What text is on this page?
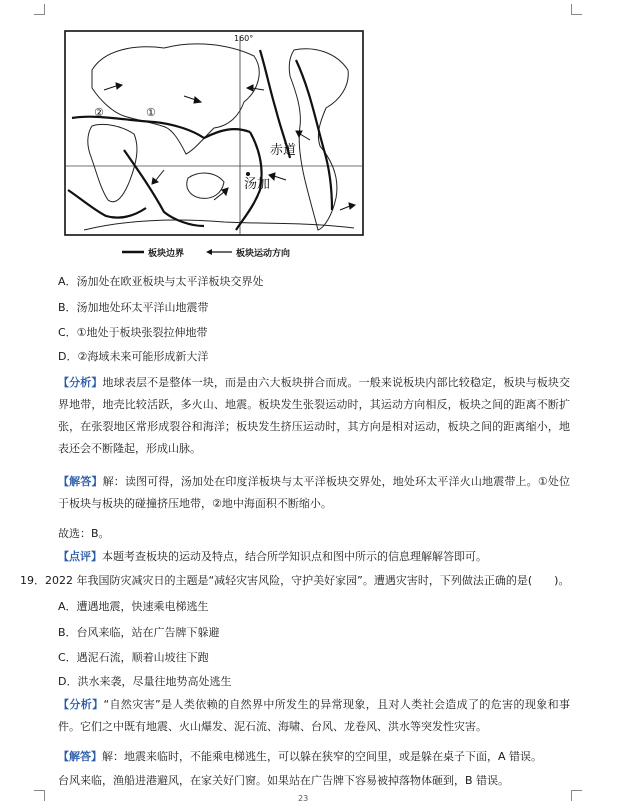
160°
②	①
赤道
汤加
板块边界	板块运动方向
A．汤加处在欧亚板块与太平洋板块交界处
B．汤加地处环太平洋山地震带
C．①地处于板块张裂拉伸地带
D．②海域未来可能形成新大洋
【分析】地球表层不是整体一块，而是由六大板块拼合而成。一般来说板块内部比较稳定，板块与板块交界地带，地壳比较活跃，多火山、地震。板块发生张裂运动时，其运动方向相反，板块之间的距离不断扩张，在张裂地区常形成裂谷和海洋；板块发生挤压运动时，其方向是相对运动，板块之间的距离缩小，地表还会不断隆起，形成山脉。
【解答】解：读图可得，汤加处在印度洋板块与太平洋板块交界处，地处环太平洋火山地震带上。①处位于板块与板块的碰撞挤压地带，②地中海面积不断缩小。
故选：B。
【点评】本题考查板块的运动及特点，结合所学知识点和图中所示的信息理解解答即可。
19．2022 年我国防灾减灾日的主题是“减轻灾害风险，守护美好家园”。遭遇灾害时，下列做法正确的是(　　)。
A．遭遇地震，快速乘电梯逃生
B．台风来临，站在广告牌下躲避
C．遇泥石流，顺着山坡往下跑
D．洪水来袭，尽量往地势高处逃生
【分析】“自然灾害”是人类依赖的自然界中所发生的异常现象，且对人类社会造成了的危害的现象和事件。它们之中既有地震、火山爆发、泥石流、海啸、台风、龙卷风、洪水等突发性灾害。
【解答】解：地震来临时，不能乘电梯逃生，可以躲在狭窄的空间里，或是躲在桌子下面，A 错误。
台风来临，渔船进港避风，在家关好门窗。如果站在广告牌下容易被掉落物体砸到，B 错误。
23
